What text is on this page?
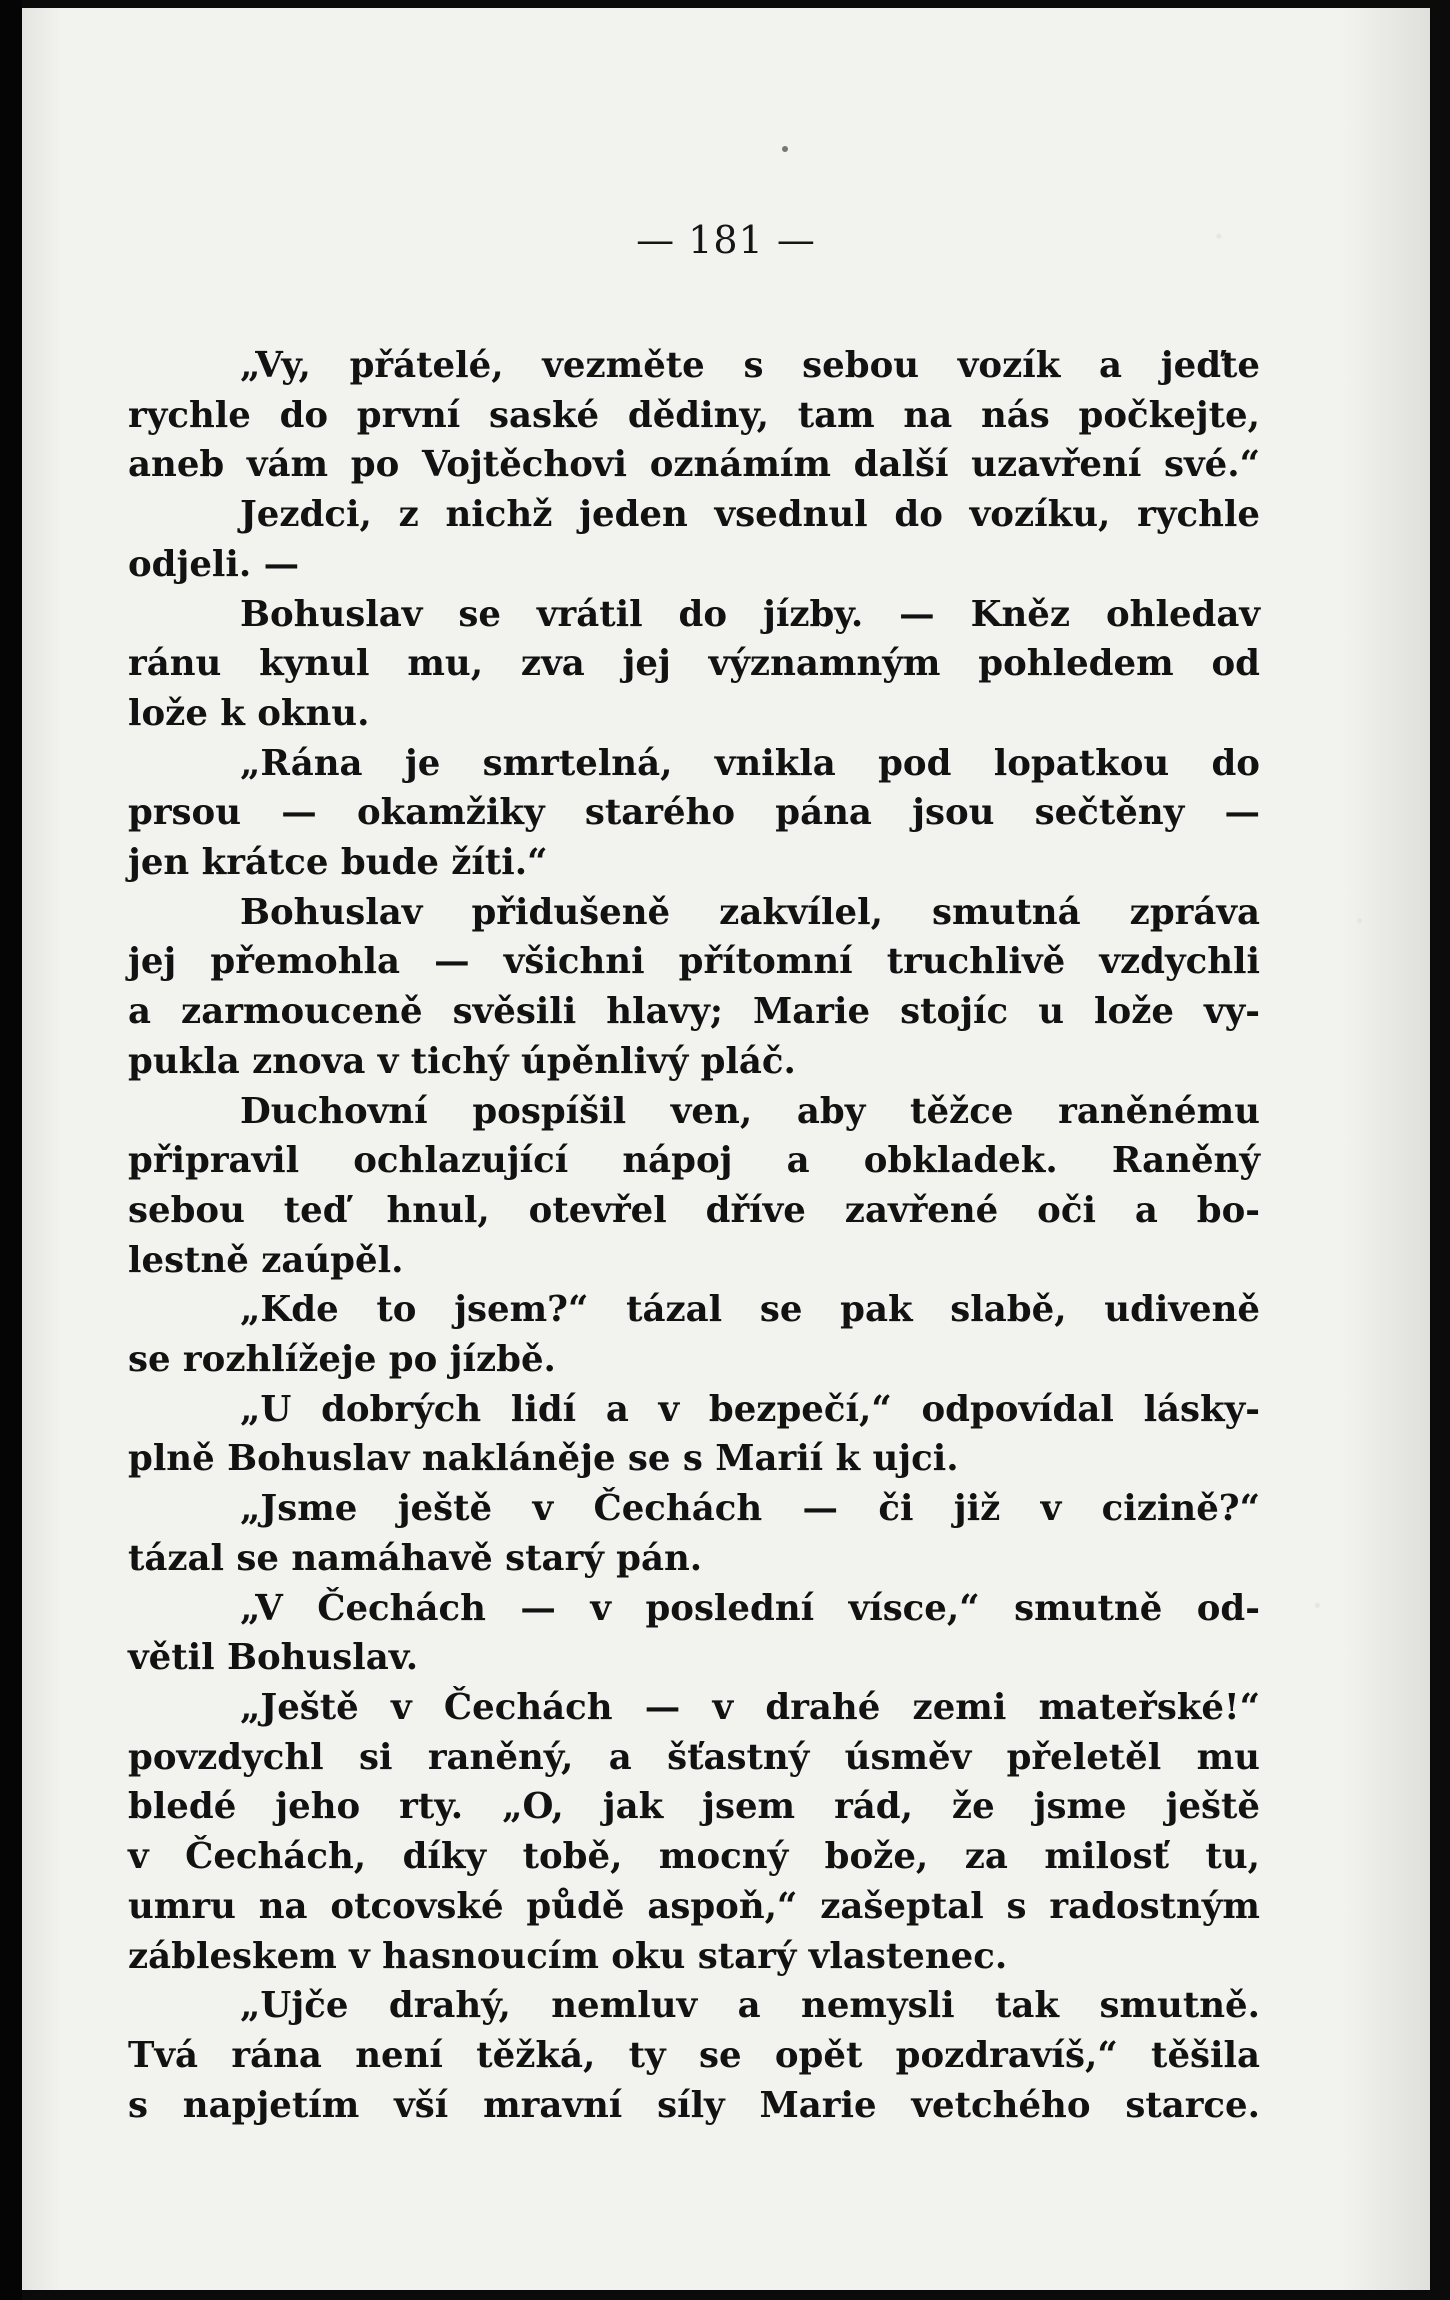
— 181 —
„Vy, přátelé, vezměte s sebou vozík a jeďte
rychle do první saské dědiny, tam na nás počkejte,
aneb vám po Vojtěchovi oznámím další uzavření své.“
Jezdci, z nichž jeden vsednul do vozíku, rychle
odjeli. —
Bohuslav se vrátil do jízby. — Kněz ohledav
ránu kynul mu, zva jej významným pohledem od
lože k oknu.
„Rána je smrtelná, vnikla pod lopatkou do
prsou — okamžiky starého pána jsou sečtěny —
jen krátce bude žíti.“
Bohuslav přidušeně zakvílel, smutná zpráva
jej přemohla — všichni přítomní truchlivě vzdychli
a zarmouceně svěsili hlavy; Marie stojíc u lože vy-
pukla znova v tichý úpěnlivý pláč.
Duchovní pospíšil ven, aby těžce raněnému
připravil ochlazující nápoj a obkladek. Raněný
sebou teď hnul, otevřel dříve zavřené oči a bo-
lestně zaúpěl.
„Kde to jsem?“ tázal se pak slabě, udiveně
se rozhlížeje po jízbě.
„U dobrých lidí a v bezpečí,“ odpovídal lásky-
plně Bohuslav nakláněje se s Marií k ujci.
„Jsme ještě v Čechách — či již v cizině?“
tázal se namáhavě starý pán.
„V Čechách — v poslední vísce,“ smutně od-
větil Bohuslav.
„Ještě v Čechách — v drahé zemi mateřské!“
povzdychl si raněný, a šťastný úsměv přeletěl mu
bledé jeho rty. „O, jak jsem rád, že jsme ještě
v Čechách, díky tobě, mocný bože, za milosť tu,
umru na otcovské půdě aspoň,“ zašeptal s radostným
zábleskem v hasnoucím oku starý vlastenec.
„Ujče drahý, nemluv a nemysli tak smutně.
Tvá rána není těžká, ty se opět pozdravíš,“ těšila
s napjetím vší mravní síly Marie vetchého starce.
